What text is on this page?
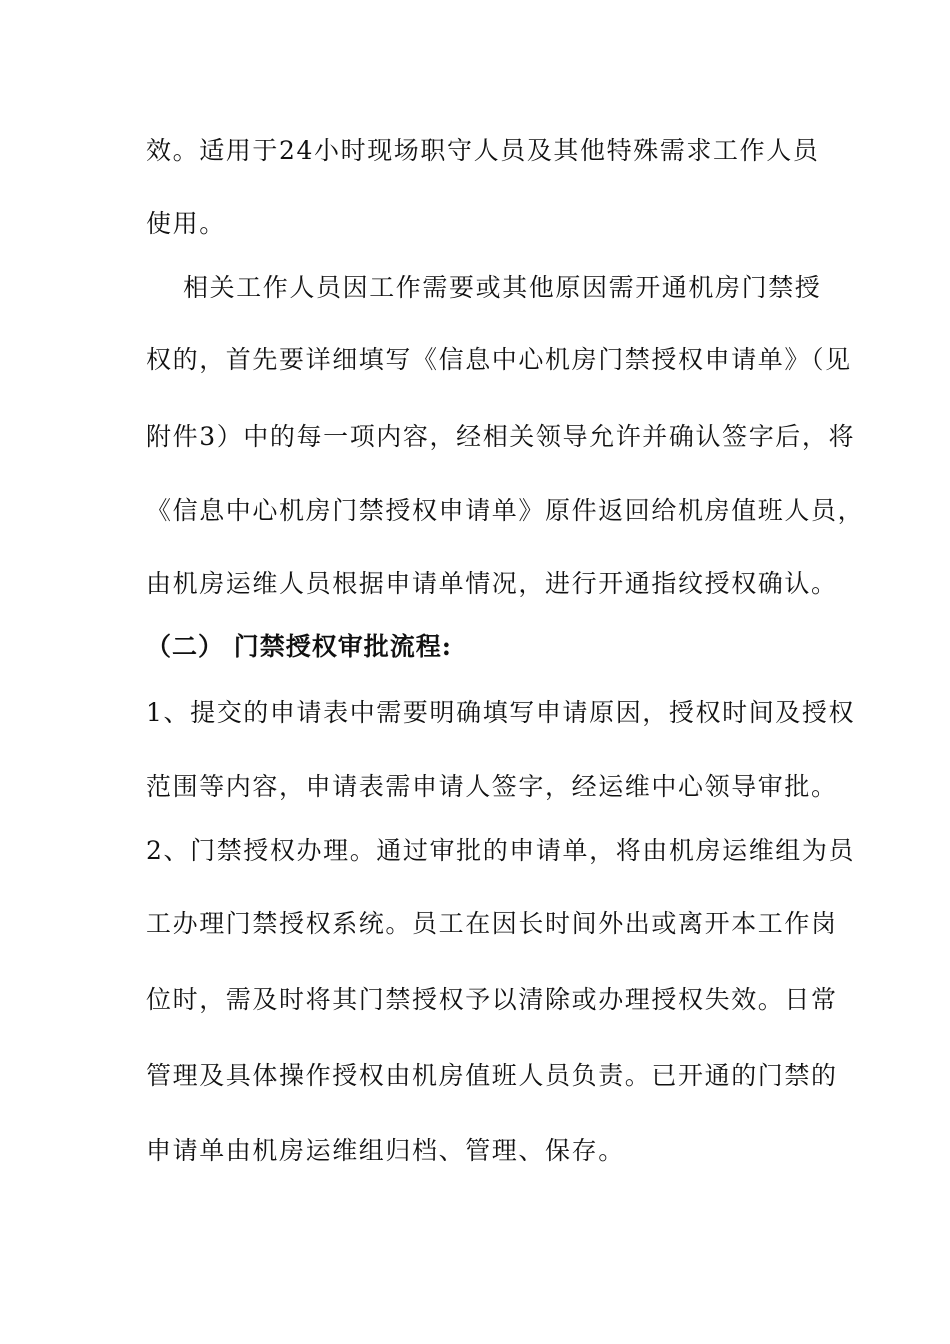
效。适用于24小时现场职守人员及其他特殊需求工作人员
使用。
相关工作人员因工作需要或其他原因需开通机房门禁授
权的，首先要详细填写《信息中心机房门禁授权申请单》（见
附件3）中的每一项内容，经相关领导允许并确认签字后，将
《信息中心机房门禁授权申请单》原件返回给机房值班人员，
由机房运维人员根据申请单情况，进行开通指纹授权确认。
（二） 门禁授权审批流程:
1、提交的申请表中需要明确填写申请原因，授权时间及授权
范围等内容，申请表需申请人签字，经运维中心领导审批。
2、门禁授权办理。通过审批的申请单，将由机房运维组为员
工办理门禁授权系统。员工在因长时间外出或离开本工作岗
位时，需及时将其门禁授权予以清除或办理授权失效。日常
管理及具体操作授权由机房值班人员负责。已开通的门禁的
申请单由机房运维组归档、管理、保存。
